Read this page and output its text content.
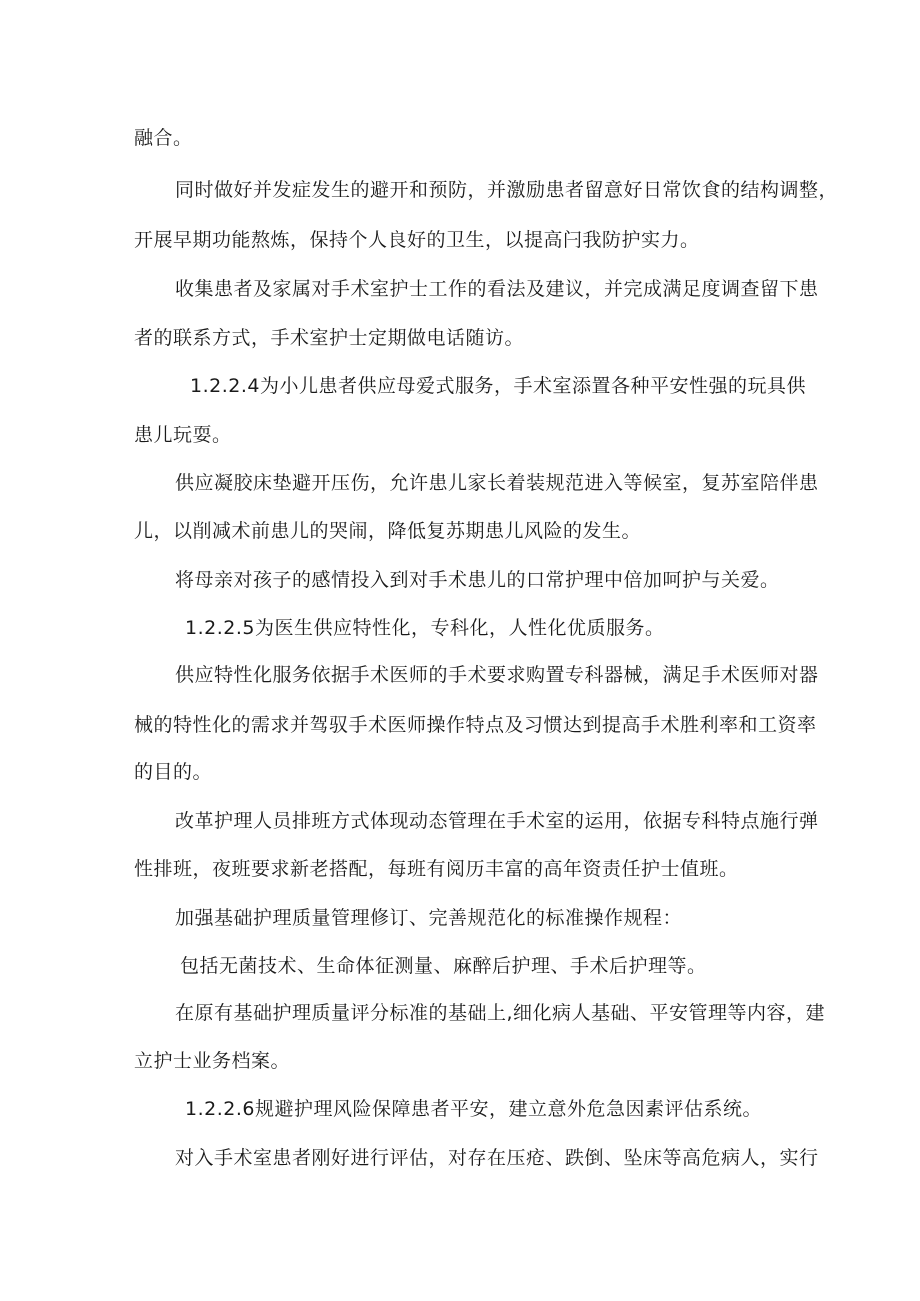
融合。
同时做好并发症发生的避开和预防，并激励患者留意好日常饮食的结构调整，
开展早期功能熬炼，保持个人良好的卫生，以提高闩我防护实力。
收集患者及家属对手术室护士工作的看法及建议，并完成满足度调查留下患
者的联系方式，手术室护士定期做电话随访。
1.2.2.4为小儿患者供应母爱式服务，手术室添置各种平安性强的玩具供
患儿玩耍。
供应凝胶床垫避开压伤，允许患儿家长着装规范进入等候室，复苏室陪伴患
儿，以削减术前患儿的哭闹，降低复苏期患儿风险的发生。
将母亲对孩子的感情投入到对手术患儿的口常护理中倍加呵护与关爱。
1.2.2.5为医生供应特性化，专科化，人性化优质服务。
供应特性化服务依据手术医师的手术要求购置专科器械，满足手术医师对器
械的特性化的需求并驾驭手术医师操作特点及习惯达到提高手术胜利率和工资率
的目的。
改革护理人员排班方式体现动态管理在手术室的运用，依据专科特点施行弹
性排班，夜班要求新老搭配，每班有阅历丰富的高年资责任护士值班。
加强基础护理质量管理修订、完善规范化的标准操作规程：
包括无菌技术、生命体征测量、麻醉后护理、手术后护理等。
在原有基础护理质量评分标准的基础上,细化病人基础、平安管理等内容，建
立护士业务档案。
1.2.2.6规避护理风险保障患者平安，建立意外危急因素评估系统。
对入手术室患者刚好进行评估，对存在压疮、跌倒、坠床等高危病人，实行
